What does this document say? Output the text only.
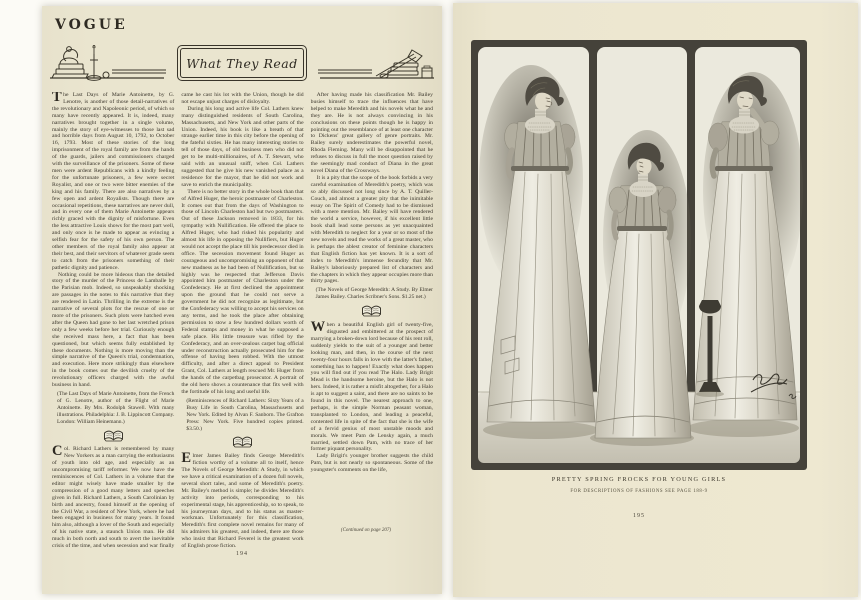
VOGUE
What They Read

The Last Days of Marie Antoinette, by G. Lenotre, is another of those detail-narratives of the revolutionary and Napoleonic period, of which so many have recently appeared. It is, indeed, many narratives brought together in a single volume, mainly the story of eye-witnesses to those last sad and horrible days from August 10, 1792, to October 16, 1793. Most of these stories of the long imprisonment of the royal family are from the hands of the guards, jailers and commissioners charged with the surveillance of the prisoners. Some of these men were ardent Republicans with a kindly feeling for the unfortunate prisoners, a few were secret Royalist, and one or two were bitter enemies of the king and his family. There are also narratives by a few open and ardent Royalists. Though there are occasional repetitions, these narratives are never dull, and in every one of them Marie Antoinette appears richly graced with the dignity of misfortune. Even the less attractive Louis shows for the most part well, and only once is he made to appear as evincing a selfish fear for the safety of his own person. The other members of the royal family also appear at their best, and their servitors of whatever grade seem to catch from the prisoners something of their pathetic dignity and patience.

Nothing could be more hideous than the detailed story of the murder of the Princess de Lamballe by the Parisian mob. Indeed, so unspeakably shocking are passages in the notes to this narrative that they are rendered in Latin. Thrilling in the extreme is the narrative of several plots for the rescue of one or more of the prisoners. Such plots were hatched even after the Queen had gone to her last wretched prison only a few weeks before her trial. Curiously enough she received mass here, a fact that has been questioned, but which seems fully established by these documents. Nothing is more moving than the simple narrative of the Queen's trial, condemnation, and execution. Here more strikingly than elsewhere in the book comes out the devilish cruelty of the revolutionary officers charged with the awful business in hand.

(The Last Days of Marie Antoinette, from the French of G. Lenotre, author of the Flight of Marie Antoinette. By Mrs. Rodolph Stawell. With many illustrations. Philadelphia: J. B. Lippincott Company. London: William Heinemann.)

Col. Richard Lathers is remembered by many New Yorkers as a man carrying the enthusiasms of youth into old age, and especially as an uncompromising tariff reformer. We now have the reminiscences of Col. Lathers in a volume that the editor might wisely have made smaller by the compression of a good many letters and speeches given in full. Richard Lathers, a South Carolinian by birth and ancestry, found himself at the opening of the Civil War, a resident of New York, where he had been engaged in business for many years. It found him also, although a lover of the South and especially of his native state, a staunch Union man. He did much in both north and south to avert the inevitable crisis of the time, and when secession and war finally came he cast his lot with the Union, though he did not escape unjust charges of disloyalty.

During his long and active life Col. Lathers knew many distinguished residents of South Carolina, Massachusetts, and New York and other parts of the Union. Indeed, his book is like a breath of that strange earlier time in this city before the opening of the fateful sixties. He has many interesting stories to tell of those days, of old business men who did not get to be multi-millionaires, of A. T. Stewart, who said with an unusual sniff, when Col. Lathers suggested that he give his new vanished palace as a residence for the mayor, that he did not work and save to enrich the municipality.

There is no better story in the whole book than that of Alfred Huger, the heroic postmaster of Charleston. It comes out that from the days of Washington to those of Lincoln Charleston had but two postmasters. Out of these Jackson removed in 1833, for his sympathy with Nullification. He offered the place to Alfred Huger, who had risked his popularity and almost his life in opposing the Nullifiers, but Huger would not accept the place till his predecessor died in office. The secession movement found Huger as courageous and uncompromising an opponent of that new madness as he had been of Nullification, but so highly was he respected that Jefferson Davis appointed him postmaster of Charleston under the Confederacy. He at first declined the appointment upon the ground that he could not serve a government he did not recognize as legitimate, but the Confederacy was willing to accept his services on any terms, and he took the place after obtaining permission to stow a few hundred dollars worth of Federal stamps and money in what he supposed a safe place. His little treasure was rifled by the Confederacy, and an over-zealous carpet bag official under reconstruction actually prosecuted him for the offense of having been robbed. With the utmost difficulty, and after a direct appeal to President Grant, Col. Lathers at length rescued Mr. Huger from the hands of the carpetbag prosecutor. A portrait of the old hero shows a countenance that fits well with the fortitude of his long and useful life.

(Reminiscences of Richard Lathers: Sixty Years of a Busy Life in South Carolina, Massachusetts and New York. Edited by Alvan F. Sanborn. The Grafton Press: New York. Five hundred copies printed. $3.50.)

Elmer James Bailey finds George Meredith's fiction worthy of a volume all to itself, hence The Novels of George Meredith: A Study, in which we have a critical examination of a dozen full novels, several short tales, and some of Meredith's poetry. Mr. Bailey's method is simple; he divides Meredith's activity into periods, corresponding to his experimental stage, his apprenticeship, so to speak, to his journeyman days, and to his status as master-workman. Unfortunately for this classification, Meredith's first complete novel remains for many of his admirers his greatest, and indeed, there are those who insist that Richard Feverel is the greatest work of English prose fiction.

After having made his classification Mr. Bailey busies himself to trace the influences that have helped to make Meredith and his novels what he and they are. He is not always convincing in his conclusions on these points though he is happy in pointing out the resemblance of at least one character to Dickens' great gallery of genre portraits. Mr. Bailey surely underestimates the powerful novel, Rhoda Fleming. Many will be disappointed that he refuses to discuss in full the moot question raised by the seemingly mad conduct of Diana in the great novel Diana of the Crossways.

It is a pity that the scope of the book forbids a very careful examination of Meredith's poetry, which was so ably discussed not long since by A. T. Quiller-Couch, and almost a greater pity that the inimitable essay on The Spirit of Comedy had to be dismissed with a mere mention. Mr. Bailey will have rendered the world a service, however, if his excellent little book shall lead some persons as yet unacquainted with Meredith to neglect for a year or so most of the new novels and read the works of a great master, who is perhaps the ablest creator of feminine characters that English fiction has yet known. It is a sort of index to Meredith's immense fecundity that Mr. Bailey's laboriously prepared list of characters and the chapters in which they appear occupies more than thirty pages.

(The Novels of George Meredith: A Study. By Elmer James Bailey. Charles Scribner's Sons. $1.25 net.)

When a beautiful English girl of twenty-five, disgusted and embittered at the prospect of marrying a broken-down lord because of his rent roll, suddenly yields to the suit of a younger and better looking man, and then, in the course of the next twenty-four hours falls in love with the latter's father, something has to happen! Exactly what does happen you will find out if you read The Halo. Lady Brigit Mead is the handsome heroine, but the Halo is not hers. Indeed, it is rather a misfit altogether, for a Halo is apt to suggest a saint, and there are no saints to be found in this novel. The nearest approach to one, perhaps, is the simple Norman peasant woman, transplanted to London, and leading a peaceful, contented life in spite of the fact that she is the wife of a fervid genius of most unstable moods and morals. We meet Pam de Lensky again, a much married, settled down Pam, with no trace of her former piquant personality.

Lady Brigit's younger brother suggests the child Pam, but is not nearly so spontaneous. Some of the youngster's comments on the life,

(Continued on page 207)
194
PRETTY SPRING FROCKS FOR YOUNG GIRLS
FOR DESCRIPTIONS OF FASHIONS SEE PAGE 188-9
195
